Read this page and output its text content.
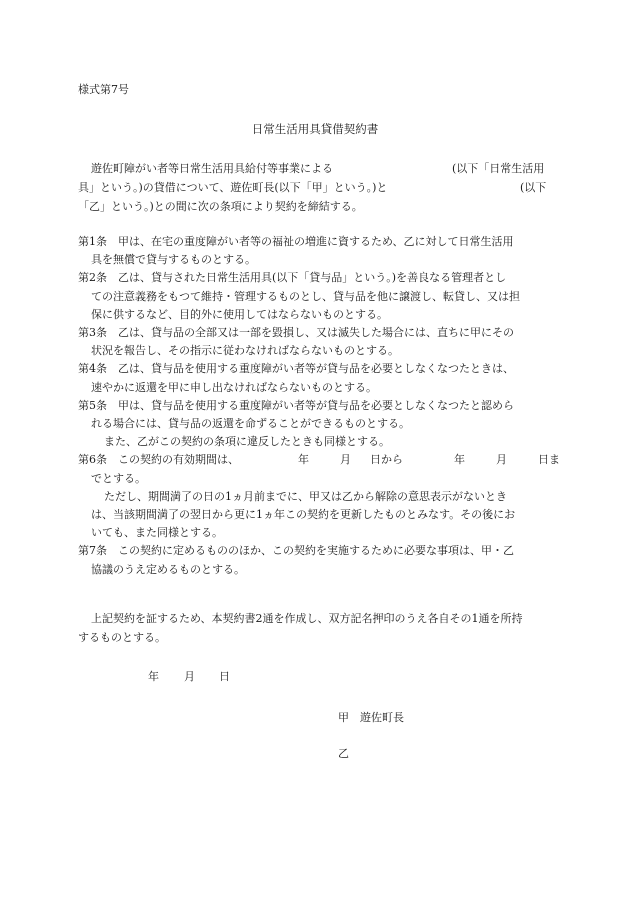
様式第7号
日常生活用具貸借契約書
遊佐町障がい者等日常生活用具給付等事業による	(以下「日常生活用
具」という。)の貸借について、遊佐町長(以下「甲」という。)と	(以下
「乙」という。)との間に次の条項により契約を締結する。
第1条　 甲は、在宅の重度障がい者等の福祉の増進に資するため、乙に対して日常生活用
具を無償で貸与するものとする。
第2条　 乙は、貸与された日常生活用具(以下「貸与品」という。)を善良なる管理者とし
ての注意義務をもつて維持・管理するものとし、貸与品を他に譲渡し、転貸し、又は担
保に供するなど、目的外に使用してはならないものとする。
第3条　 乙は、貸与品の全部又は一部を毀損し、又は滅失した場合には、直ちに甲にその
状況を報告し、その指示に従わなければならないものとする。
第4条　 乙は、貸与品を使用する重度障がい者等が貸与品を必要としなくなつたときは、
速やかに返還を甲に申し出なければならないものとする。
第5条　 甲は、貸与品を使用する重度障がい者等が貸与品を必要としなくなつたと認めら
れる場合には、貸与品の返還を命ずることができるものとする。
また、乙がこの契約の条項に違反したときも同様とする。
第6条　 この契約の有効期間は、	年	月 日から	年	月	日ま
でとする。
ただし、期間満了の日の1ヵ月前までに、甲又は乙から解除の意思表示がないとき
は、当該期間満了の翌日から更に1ヵ年この契約を更新したものとみなす。その後にお
いても、また同様とする。
第7条　 この契約に定めるもののほか、この契約を実施するために必要な事項は、甲・乙
協議のうえ定めるものとする。
上記契約を証するため、本契約書2通を作成し、双方記名押印のうえ各自その1通を所持
するものとする。
年 月 日
甲　 遊佐町長
乙
